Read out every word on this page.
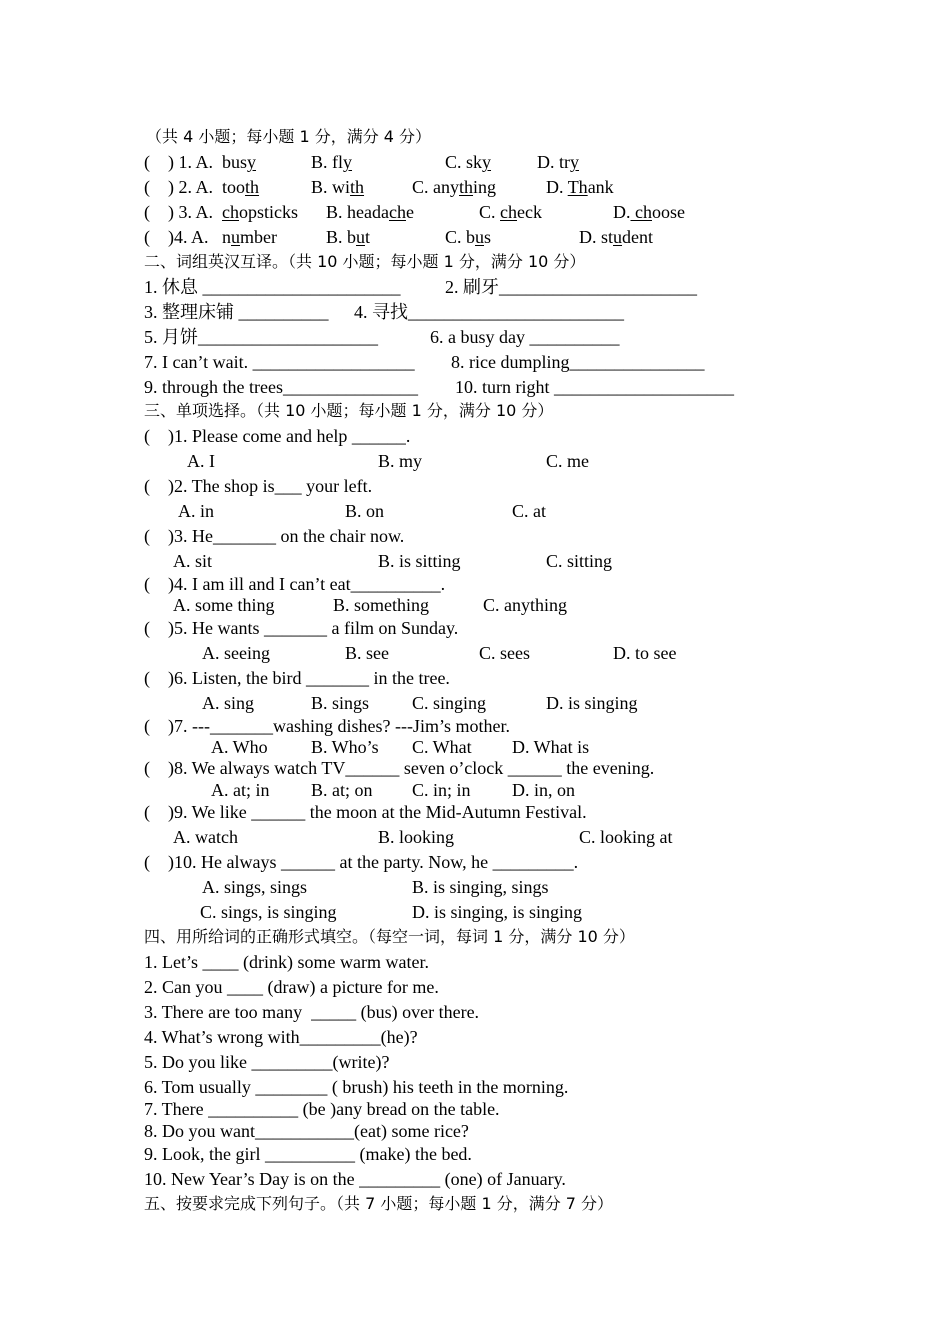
（共 4 小题；每小题 1 分，满分 4 分）
(    ) 1. A. busy	B. fly	C. sky	D. try
(    ) 2. A. tooth	B. with	C. anything	D. Thank
(    ) 3. A. chopsticks B. headache	C. check	D. choose
(    )4. A. number	B. but	C. bus	D. student
二、词组英汉互译。（共 10 小题；每小题 1 分，满分 10 分）
1. 休息 ______________________ 2. 刷牙______________________
3. 整理床铺 __________ 4. 寻找________________________
5. 月饼____________________	6. a busy day __________
7. I can’t wait. __________________ 8. rice dumpling_______________
9. through the trees_______________ 10. turn right ____________________
三、单项选择。（共 10 小题；每小题 1 分，满分 10 分）
(    )1. Please come and help ______.
A. I	B. my	C. me
(    )2. The shop is___ your left.
A. in	B. on	C. at
(    )3. He_______ on the chair now.
A. sit	B. is sitting	C. sitting
(    )4. I am ill and I can’t eat__________.
A. some thing	B. something	C. anything
(    )5. He wants _______ a film on Sunday.
A. seeing	B. see	C. sees	D. to see
(    )6. Listen, the bird _______ in the tree.
A. sing	B. sings C. singing	D. is singing
(    )7. ---_______washing dishes? ---Jim’s mother.
A. Who B. Who’s C. What D. What is
(    )8. We always watch TV______ seven o’clock ______ the evening.
A. at; in B. at; on C. in; in D. in, on
(    )9. We like ______ the moon at the Mid-Autumn Festival.
A. watch	B. looking	C. looking at
(    )10. He always ______ at the party. Now, he _________.
A. sings, sings	B. is singing, sings
C. sings, is singing	D. is singing, is singing
四、用所给词的正确形式填空。（每空一词，每词 1 分，满分 10 分）
1. Let’s ____ (drink) some warm water.
2. Can you ____ (draw) a picture for me.
3. There are too many  _____ (bus) over there.
4. What’s wrong with_________(he)?
5. Do you like _________(write)?
6. Tom usually ________ ( brush) his teeth in the morning.
7. There __________ (be )any bread on the table.
8. Do you want___________(eat) some rice?
9. Look, the girl __________ (make) the bed.
10. New Year’s Day is on the _________ (one) of January.
五、按要求完成下列句子。（共 7 小题；每小题 1 分，满分 7 分）
